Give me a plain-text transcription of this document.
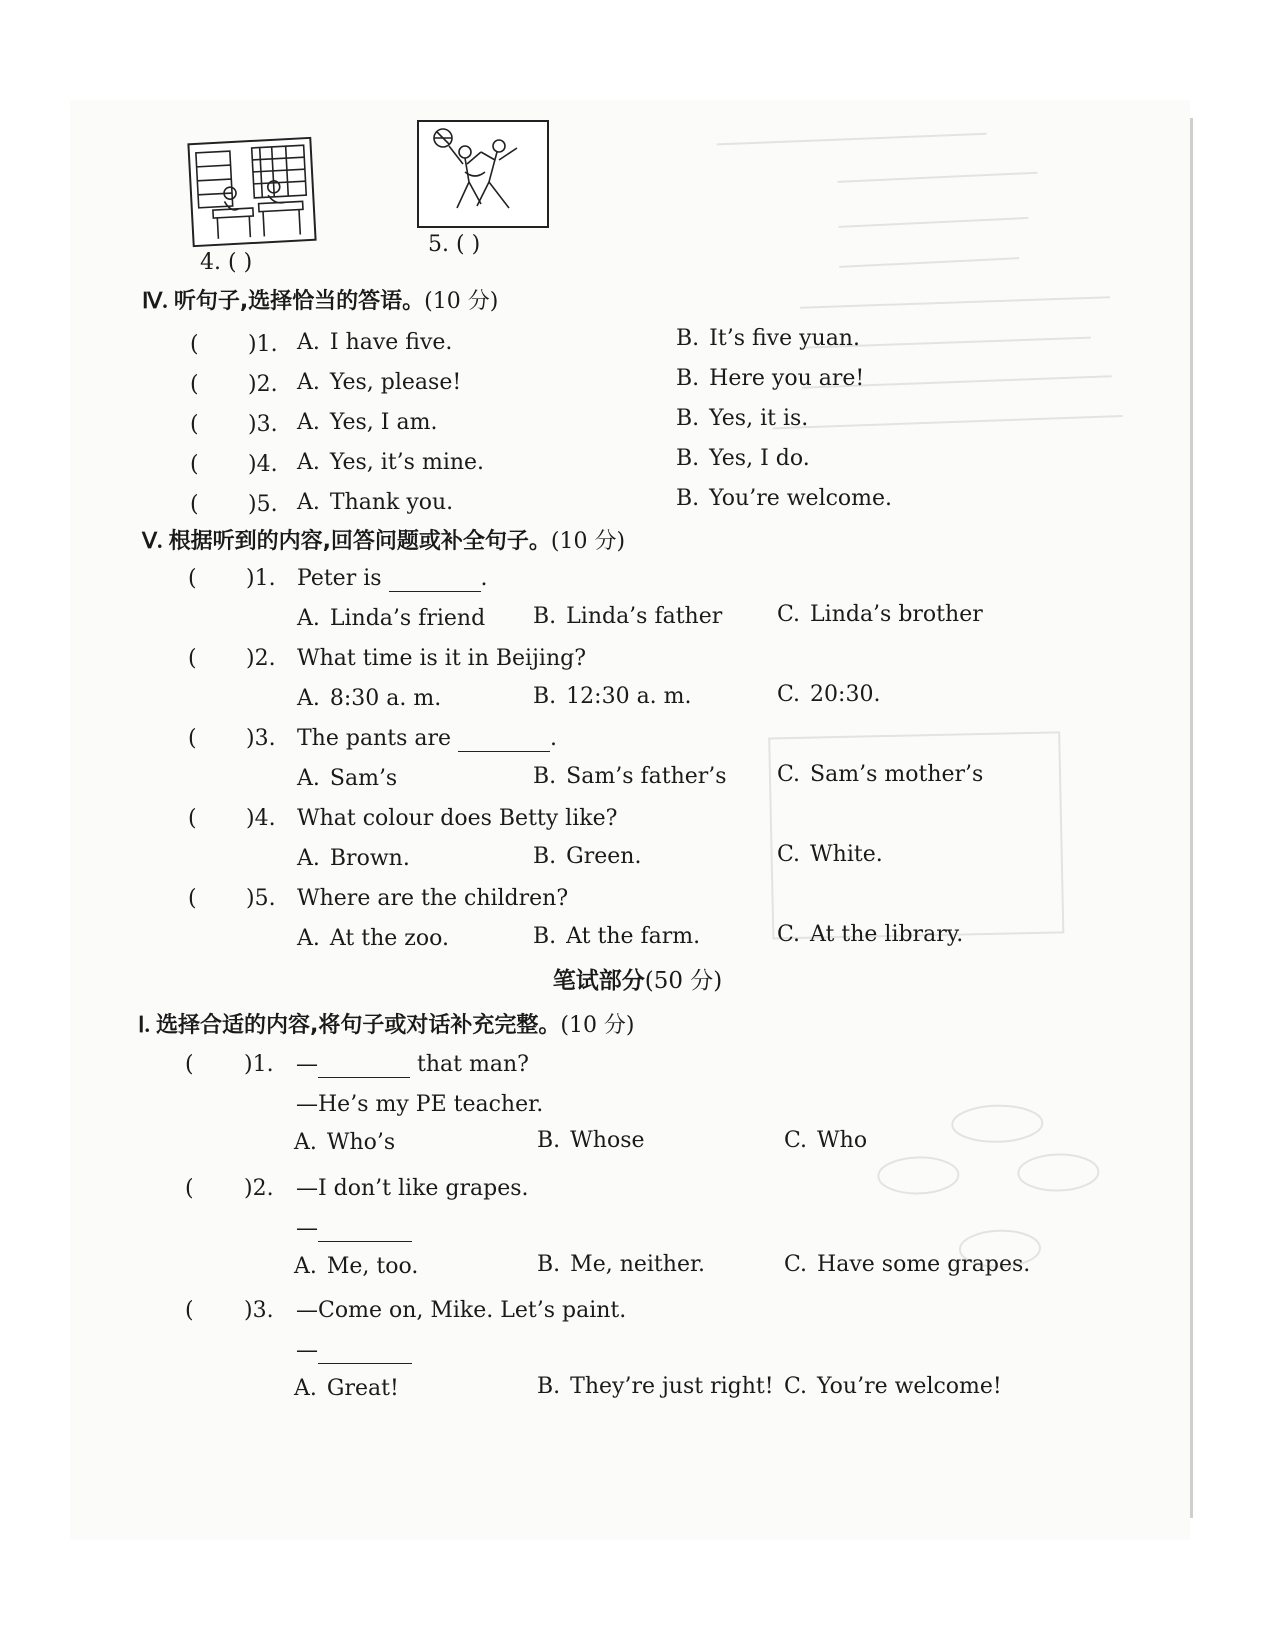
4. ( )
5. ( )
Ⅳ. 听句子,选择恰当的答语。(10 分)
( )1. A. I have five.	B. It’s five yuan.
( )2. A. Yes, please!	B. Here you are!
( )3. A. Yes, I am.	B. Yes, it is.
( )4. A. Yes, it’s mine.	B. Yes, I do.
( )5. A. Thank you.	B. You’re welcome.
Ⅴ. 根据听到的内容,回答问题或补全句子。(10 分)
( )1. Peter is	.
A. Linda’s friend B. Linda’s father C. Linda’s brother
( )2. What time is it in Beijing?
A. 8:30 a. m.	B. 12:30 a. m.	C. 20:30.
( )3. The pants are	.
A. Sam’s	B. Sam’s father’s C. Sam’s mother’s
( )4. What colour does Betty like?
A. Brown.	B. Green.	C. White.
( )5. Where are the children?
A. At the zoo.	B. At the farm.	C. At the library.
笔试部分(50 分)
Ⅰ. 选择合适的内容,将句子或对话补充完整。(10 分)
( )1. —	that man?
—He’s my PE teacher.
A. Who’s	B. Whose	C. Who
( )2. —I don’t like grapes.
—
A. Me, too.	B. Me, neither.	C. Have some grapes.
( )3. —Come on, Mike. Let’s paint.
—
A. Great!	B. They’re just right! C. You’re welcome!
